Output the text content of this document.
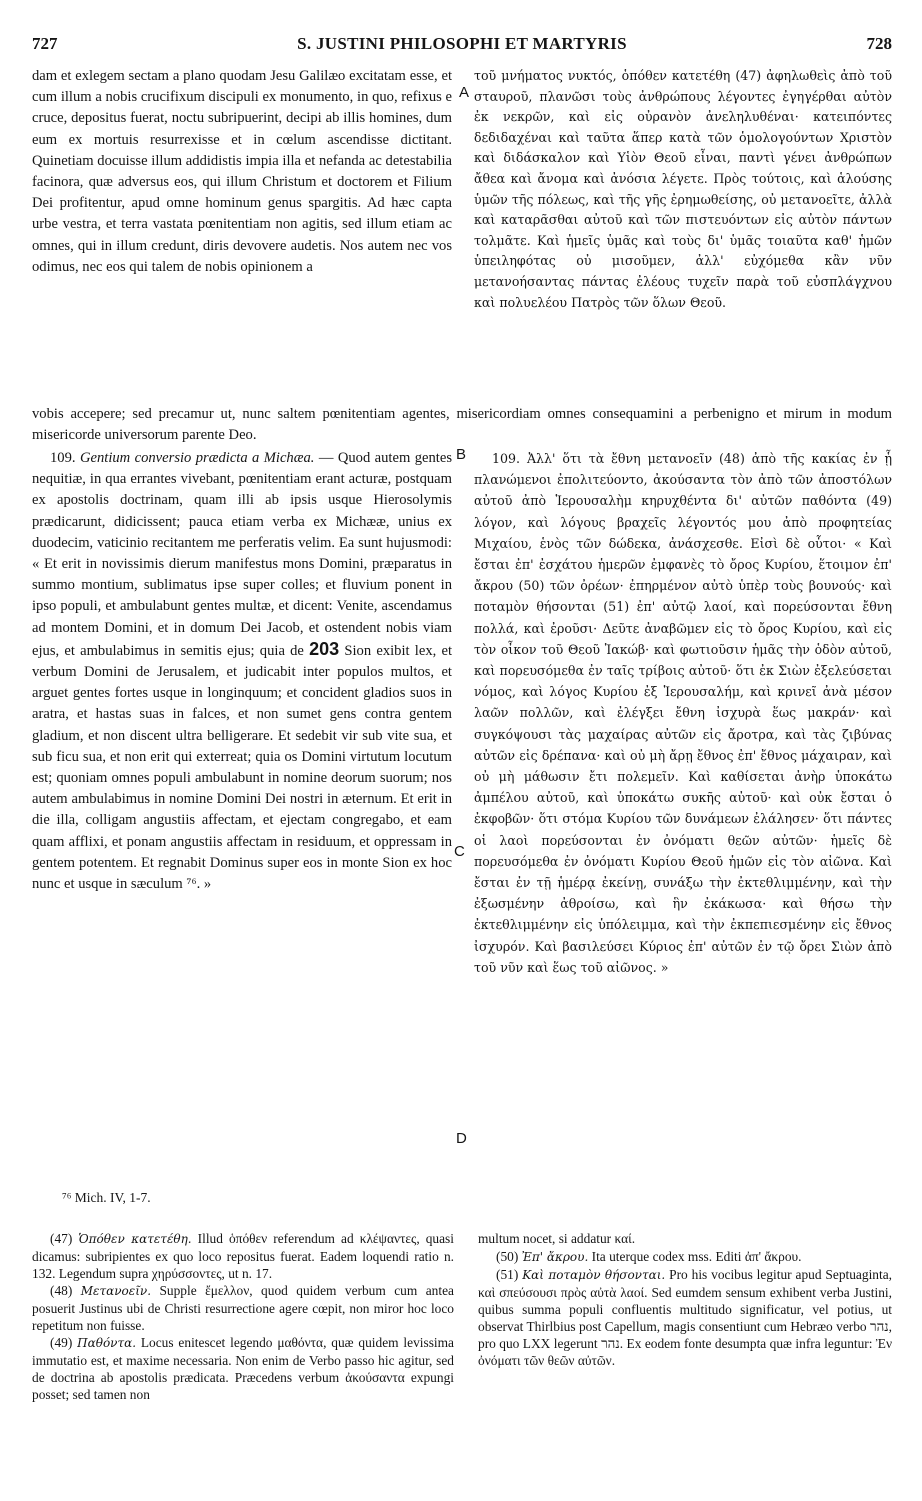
727	S. JUSTINI PHILOSOPHI ET MARTYRIS	728

dam et exlegem sectam a plano quodam Jesu Galilæo excitatam esse, et cum illum a nobis crucifixum discipuli ex monumento, in quo, refixus e cruce, depositus fuerat, noctu subripuerint, decipi ab illis homines, dum eum ex mortuis resurrexisse et in cœlum ascendisse dictitant. Quinetiam docuisse illum addidistis impia illa et nefanda ac detestabilia facinora, quæ adversus eos, qui illum Christum et doctorem et Filium Dei profitentur, apud omne hominum genus spargitis. Ad hæc capta urbe vestra, et terra vastata pœnitentiam non agitis, sed illum etiam ac omnes, qui in illum credunt, diris devovere audetis. Nos autem nec vos odimus, nec eos qui talem de nobis opinionem a

A

τοῦ μνήματος νυκτός, ὁπόθεν κατετέθη (47) ἀφηλωθεὶς ἀπὸ τοῦ σταυροῦ, πλανῶσι τοὺς ἀνθρώπους λέγοντες ἐγηγέρθαι αὐτὸν ἐκ νεκρῶν, καὶ εἰς οὐρανὸν ἀνεληλυθέναι· κατειπόντες δεδιδαχέναι καὶ ταῦτα ἅπερ κατὰ τῶν ὁμολογούντων Χριστὸν καὶ διδάσκαλον καὶ Υἱὸν Θεοῦ εἶναι, παντὶ γένει ἀνθρώπων ἄθεα καὶ ἄνομα καὶ ἀνόσια λέγετε. Πρὸς τούτοις, καὶ ἁλούσης ὑμῶν τῆς πόλεως, καὶ τῆς γῆς ἐρημωθείσης, οὐ μετανοεῖτε, ἀλλὰ καὶ καταρᾶσθαι αὐτοῦ καὶ τῶν πιστευόντων εἰς αὐτὸν πάντων τολμᾶτε. Καὶ ἡμεῖς ὑμᾶς καὶ τοὺς δι' ὑμᾶς τοιαῦτα καθ' ἡμῶν ὑπειληφότας οὐ μισοῦμεν, ἀλλ' εὐχόμεθα κἂν νῦν μετανοήσαντας πάντας ἐλέους τυχεῖν παρὰ τοῦ εὐσπλάγχνου καὶ πολυελέου Πατρὸς τῶν ὅλων Θεοῦ.

vobis accepere; sed precamur ut, nunc saltem pœnitentiam agentes, misericordiam omnes consequamini a perbenigno et mirum in modum misericorde universorum parente Deo.

109. Gentium conversio prædicta a Michæa. — Quod autem gentes nequitiæ, in qua errantes vivebant, pœnitentiam erant acturæ, postquam ex apostolis doctrinam, quam illi ab ipsis usque Hierosolymis prædicarunt, didicissent; pauca etiam verba ex Michææ, unius ex duodecim, vaticinio recitantem me perferatis velim. Ea sunt hujusmodi: « Et erit in novissimis dierum manifestus mons Domini, præparatus in summo montium, sublimatus ipse super colles; et fluvium ponent in ipso populi, et ambulabunt gentes multæ, et dicent: Venite, ascendamus ad montem Domini, et in domum Dei Jacob, et ostendent nobis viam ejus, et ambulabimus in semitis ejus; quia de 203 Sion exibit lex, et verbum Domini de Jerusalem, et judicabit inter populos multos, et arguet gentes fortes usque in longinquum; et concident gladios suos in aratra, et hastas suas in falces, et non sumet gens contra gentem gladium, et non discent ultra belligerare. Et sedebit vir sub vite sua, et sub ficu sua, et non erit qui exterreat; quia os Domini virtutum locutum est; quoniam omnes populi ambulabunt in nomine deorum suorum; nos autem ambulabimus in nomine Domini Dei nostri in æternum. Et erit in die illa, colligam angustiis affectam, et ejectam congregabo, et eam quam afflixi, et ponam angustiis affectam in residuum, et oppressam in gentem potentem. Et regnabit Dominus super eos in monte Sion ex hoc nunc et usque in sæculum ⁷⁶. »

B
C
D

109. Ἀλλ' ὅτι τὰ ἔθνη μετανοεῖν (48) ἀπὸ τῆς κακίας ἐν ᾗ πλανώμενοι ἐπολιτεύοντο, ἀκούσαντα τὸν ἀπὸ τῶν ἀποστόλων αὐτοῦ ἀπὸ Ἱερουσαλὴμ κηρυχθέντα δι' αὐτῶν παθόντα (49) λόγον, καὶ λόγους βραχεῖς λέγοντός μου ἀπὸ προφητείας Μιχαίου, ἑνὸς τῶν δώδεκα, ἀνάσχεσθε. Εἰσὶ δὲ οὗτοι· « Καὶ ἔσται ἐπ' ἐσχάτου ἡμερῶν ἐμφανὲς τὸ ὄρος Κυρίου, ἕτοιμον ἐπ' ἄκρου (50) τῶν ὀρέων· ἐπηρμένον αὐτὸ ὑπὲρ τοὺς βουνούς· καὶ ποταμὸν θήσονται (51) ἐπ' αὐτῷ λαοί, καὶ πορεύσονται ἔθνη πολλά, καὶ ἐροῦσι· Δεῦτε ἀναβῶμεν εἰς τὸ ὄρος Κυρίου, καὶ εἰς τὸν οἶκον τοῦ Θεοῦ Ἰακώβ· καὶ φωτιοῦσιν ἡμᾶς τὴν ὁδὸν αὐτοῦ, καὶ πορευσόμεθα ἐν ταῖς τρίβοις αὐτοῦ· ὅτι ἐκ Σιὼν ἐξελεύσεται νόμος, καὶ λόγος Κυρίου ἐξ Ἱερουσαλήμ, καὶ κρινεῖ ἀνὰ μέσον λαῶν πολλῶν, καὶ ἐλέγξει ἔθνη ἰσχυρὰ ἕως μακράν· καὶ συγκόψουσι τὰς μαχαίρας αὐτῶν εἰς ἄροτρα, καὶ τὰς ζιβύνας αὐτῶν εἰς δρέπανα· καὶ οὐ μὴ ἄρῃ ἔθνος ἐπ' ἔθνος μάχαιραν, καὶ οὐ μὴ μάθωσιν ἔτι πολεμεῖν. Καὶ καθίσεται ἀνὴρ ὑποκάτω ἀμπέλου αὐτοῦ, καὶ ὑποκάτω συκῆς αὐτοῦ· καὶ οὐκ ἔσται ὁ ἐκφοβῶν· ὅτι στόμα Κυρίου τῶν δυνάμεων ἐλάλησεν· ὅτι πάντες οἱ λαοὶ πορεύσονται ἐν ὀνόματι θεῶν αὐτῶν· ἡμεῖς δὲ πορευσόμεθα ἐν ὀνόματι Κυρίου Θεοῦ ἡμῶν εἰς τὸν αἰῶνα. Καὶ ἔσται ἐν τῇ ἡμέρᾳ ἐκείνῃ, συνάξω τὴν ἐκτεθλιμμένην, καὶ τὴν ἐξωσμένην ἀθροίσω, καὶ ἣν ἐκάκωσα· καὶ θήσω τὴν ἐκτεθλιμμένην εἰς ὑπόλειμμα, καὶ τὴν ἐκπεπιεσμένην εἰς ἔθνος ἰσχυρόν. Καὶ βασιλεύσει Κύριος ἐπ' αὐτῶν ἐν τῷ ὄρει Σιὼν ἀπὸ τοῦ νῦν καὶ ἕως τοῦ αἰῶνος. »

⁷⁶ Mich. IV, 1-7.

(47) Ὁπόθεν κατετέθη. Illud ὁπόθεν referendum ad κλέψαντες, quasi dicamus: subripientes ex quo loco repositus fuerat. Eadem loquendi ratio n. 132. Legendum supra χηρύσσοντες, ut n. 17.

(48) Μετανοεῖν. Supple ἔμελλον, quod quidem verbum cum antea posuerit Justinus ubi de Christi resurrectione agere cœpit, non miror hoc loco repetitum non fuisse.

(49) Παθόντα. Locus enitescet legendo μαθόντα, quæ quidem levissima immutatio est, et maxime necessaria. Non enim de Verbo passo hic agitur, sed de doctrina ab apostolis prædicata. Præcedens verbum ἀκούσαντα expungi posset; sed tamen non

multum nocet, si addatur καί.

(50) Ἐπ' ἄκρου. Ita uterque codex mss. Editi ἀπ' ἄκρου.

(51) Καὶ ποταμὸν θήσονται. Pro his vocibus legitur apud Septuaginta, καὶ σπεύσουσι πρὸς αὐτὰ λαοί. Sed eumdem sensum exhibent verba Justini, quibus summa populi confluentis multitudo significatur, vel potius, ut observat Thirlbius post Capellum, magis consentiunt cum Hebræo verbo נהר, pro quo LXX legerunt נהר. Ex eodem fonte desumpta quæ infra leguntur: Ἐν ὀνόματι τῶν θεῶν αὐτῶν.
